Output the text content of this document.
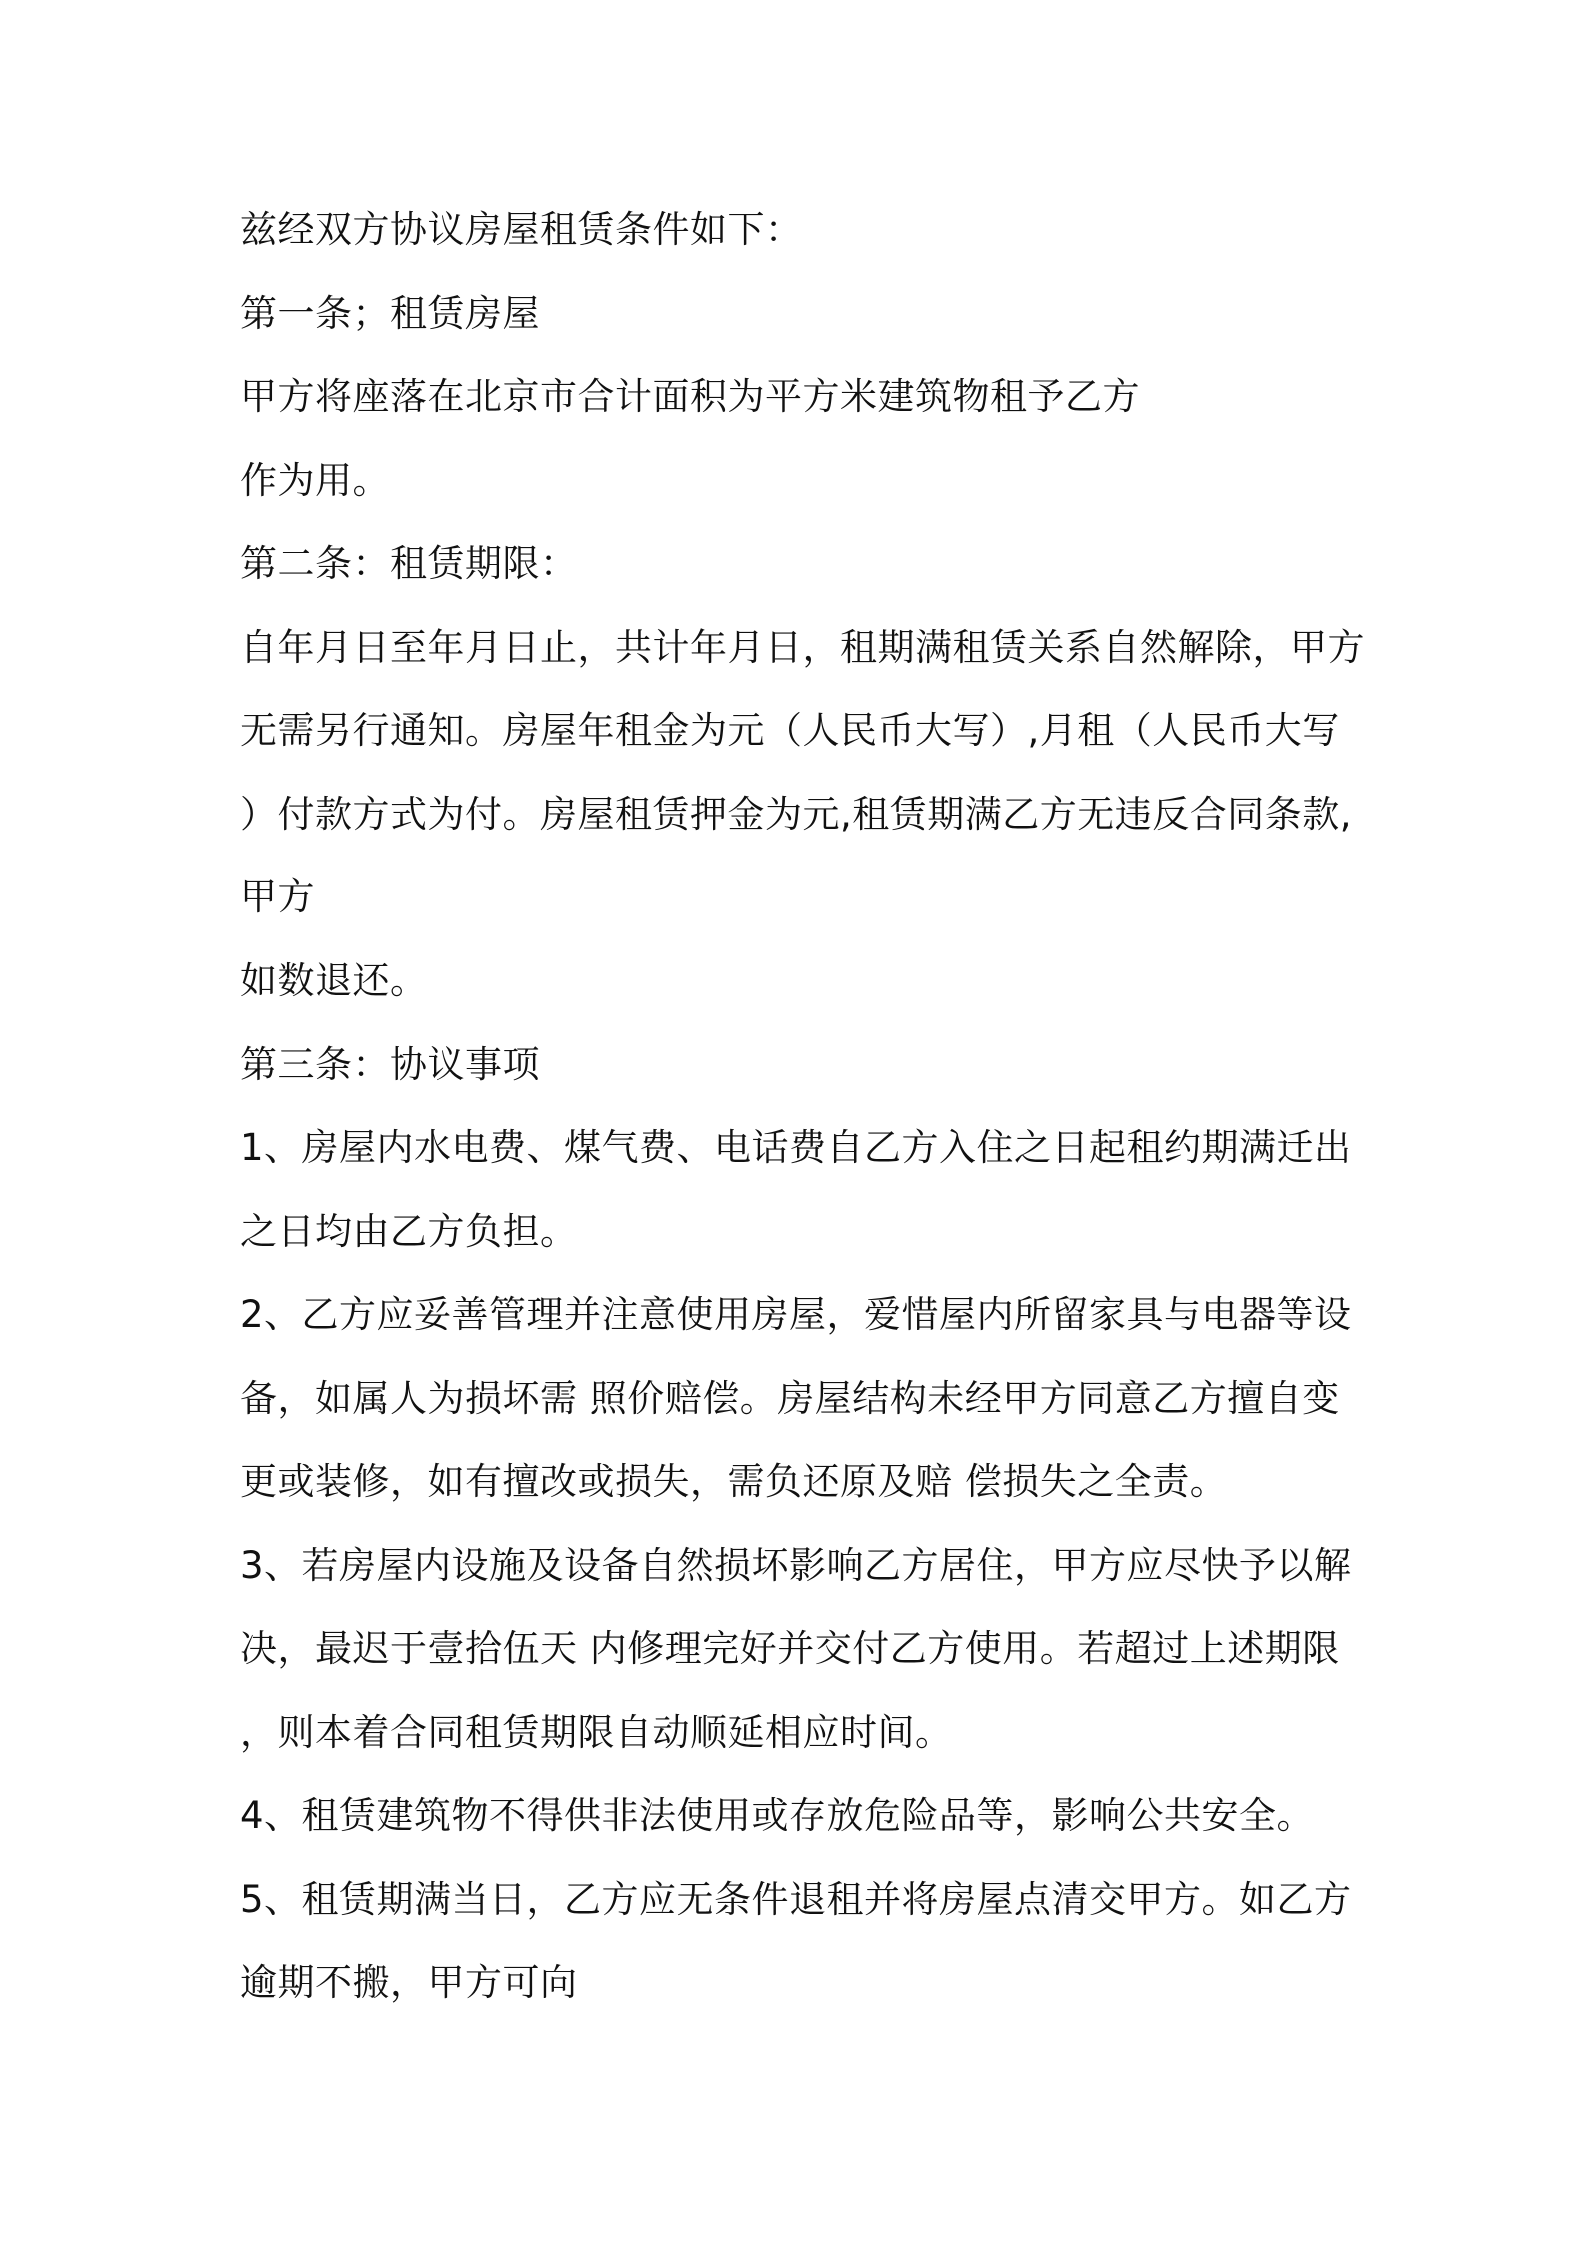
兹经双方协议房屋租赁条件如下：
第一条；租赁房屋
甲方将座落在北京市合计面积为平方米建筑物租予乙方
作为用。
第二条：租赁期限：
自年月日至年月日止，共计年月日，租期满租赁关系自然解除，甲方
无需另行通知。房屋年租金为元（人民币大写）,月租（人民币大写
）付款方式为付。房屋租赁押金为元,租赁期满乙方无违反合同条款,
甲方
如数退还。
第三条：协议事项
1、房屋内水电费、煤气费、电话费自乙方入住之日起租约期满迁出
之日均由乙方负担。
2、乙方应妥善管理并注意使用房屋，爱惜屋内所留家具与电器等设
备，如属人为损坏需 照价赔偿。房屋结构未经甲方同意乙方擅自变
更或装修，如有擅改或损失，需负还原及赔 偿损失之全责。
3、若房屋内设施及设备自然损坏影响乙方居住，甲方应尽快予以解
决，最迟于壹拾伍天 内修理完好并交付乙方使用。若超过上述期限
，则本着合同租赁期限自动顺延相应时间。
4、租赁建筑物不得供非法使用或存放危险品等，影响公共安全。
5、租赁期满当日，乙方应无条件退租并将房屋点清交甲方。如乙方
逾期不搬，甲方可向
